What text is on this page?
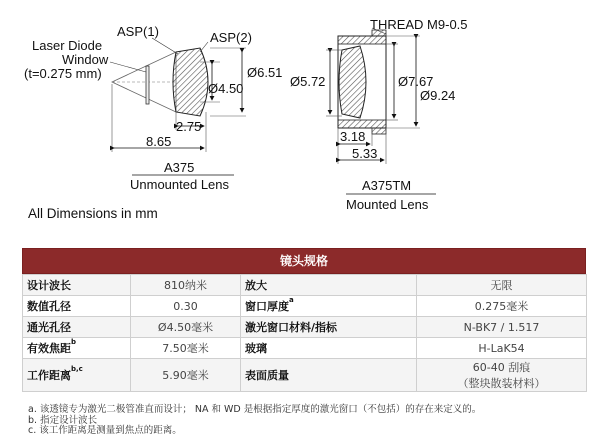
Laser Diode
Window
(t=0.275 mm)
ASP(1)	ASP(2)
Ø6.51
Ø4.50
2.75
8.65
A375
Unmounted Lens
THREAD M9-0.5
Ø5.72	Ø7.67
Ø9.24
3.18
5.33
A375TM
Mounted Lens
All Dimensions in mm
镜头规格
设计波长	810纳米	放大	无限
数值孔径	0.30	窗口厚度$^a$	0.275毫米
通光孔径	Ø4.50毫米	激光窗口材料/指标	N-BK7 / 1.517
有效焦距$^b$	7.50毫米	玻璃	H-LaK54
工作距离$^{b,c}$	5.90毫米	表面质量	60-40 刮痕
（整块散装材料）
a. 该透镜专为激光二极管准直而设计； NA 和 WD 是根据指定厚度的激光窗口（不包括）的存在来定义的。
b. 指定设计波长
c. 该工作距离是测量到焦点的距离。
